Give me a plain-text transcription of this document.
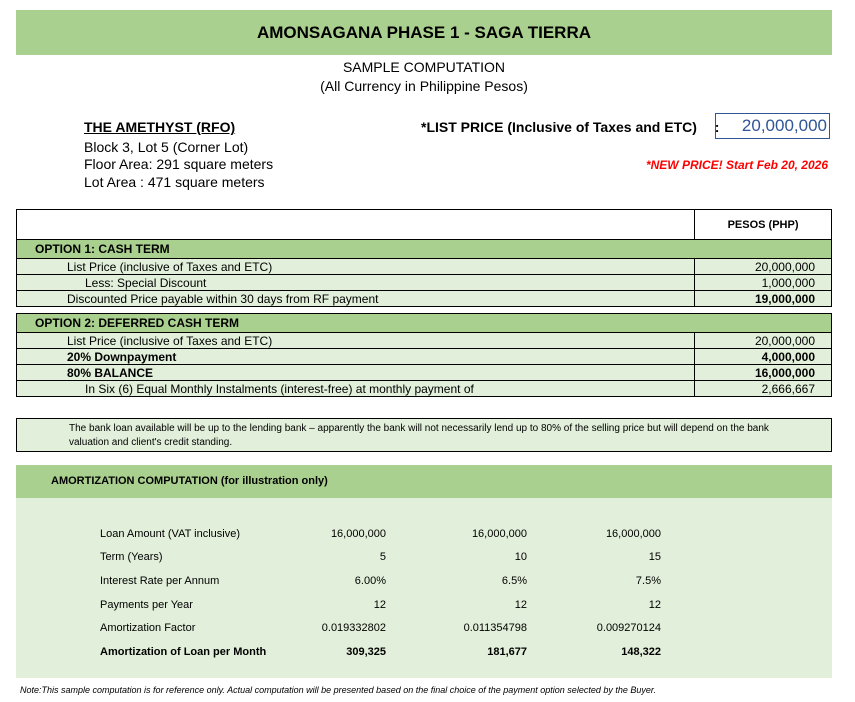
AMONSAGANA PHASE 1 - SAGA TIERRA
SAMPLE COMPUTATION
(All Currency in Philippine Pesos)
THE AMETHYST (RFO)
Block 3, Lot 5 (Corner Lot)
Floor Area: 291 square meters
Lot Area : 471 square meters
*LIST PRICE (Inclusive of Taxes and ETC) :	20,000,000
*NEW PRICE! Start Feb 20, 2026
	PESOS (PHP)
OPTION 1: CASH TERM	
List Price (inclusive of Taxes and ETC)	20,000,000
Less: Special Discount	1,000,000
Discounted Price payable within 30 days from RF payment	19,000,000

OPTION 2: DEFERRED CASH TERM	
List Price (inclusive of Taxes and ETC)	20,000,000
20% Downpayment	4,000,000
80% BALANCE	16,000,000
In Six (6) Equal Monthly Instalments (interest-free) at monthly payment of	2,666,667
The bank loan available will be up to the lending bank – apparently the bank will not necessarily lend up to 80% of the selling price but will depend on the bank valuation and client's credit standing.
AMORTIZATION COMPUTATION (for illustration only)
Loan Amount (VAT inclusive)	16,000,000	16,000,000	16,000,000
Term (Years)	5	10	15
Interest Rate per Annum	6.00%	6.5%	7.5%
Payments per Year	12	12	12
Amortization Factor	0.019332802	0.011354798	0.009270124
Amortization of Loan per Month	309,325	181,677	148,322
Note:This sample computation is for reference only. Actual computation will be presented based on the final choice of the payment option selected by the Buyer.
